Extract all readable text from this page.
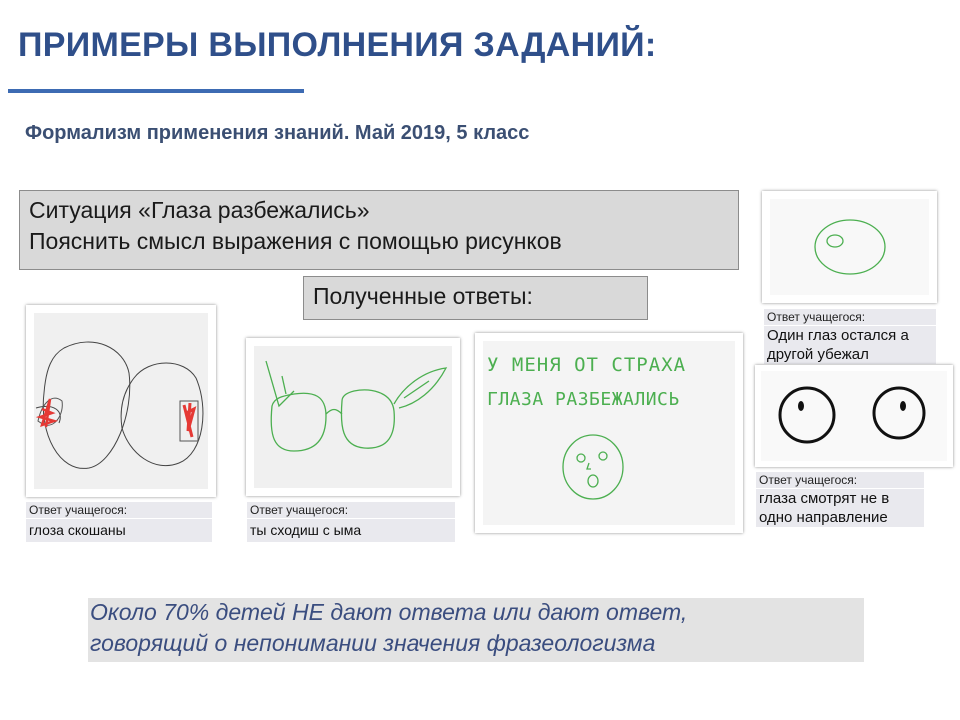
ПРИМЕРЫ ВЫПОЛНЕНИЯ ЗАДАНИЙ:
Формализм применения знаний. Май 2019, 5 класс
Ситуация «Глаза разбежались»
Пояснить смысл выражения с помощью рисунков
Полученные ответы:
Ответ учащегося:
глоза скошаны
Ответ учащегося:
ты сходиш с ыма
У МЕНЯ ОТ СТРАХА
ГЛАЗА РАЗБЕЖАЛИСЬ
Ответ учащегося:
Один глаз остался а
другой убежал
Ответ учащегося:
глаза смотрят не в
одно направление
Около 70% детей НЕ дают ответа или дают ответ,
говорящий о непонимании значения фразеологизма
